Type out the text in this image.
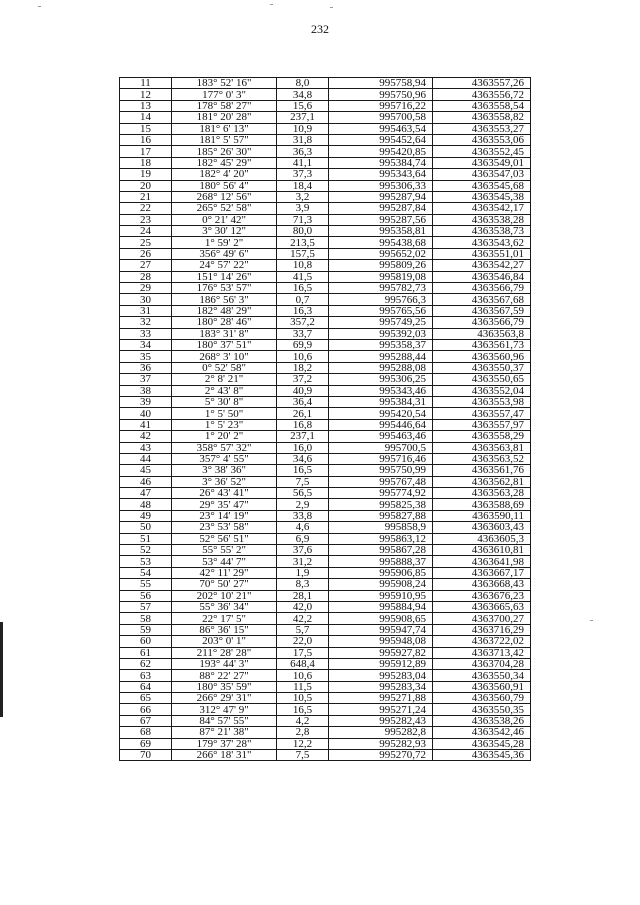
232
11	183° 52' 16"	8,0	995758,94	4363557,26
12	177° 0' 3"	34,8	995750,96	4363556,72
13	178° 58' 27"	15,6	995716,22	4363558,54
14	181° 20' 28"	237,1	995700,58	4363558,82
15	181° 6' 13"	10,9	995463,54	4363553,27
16	181° 5' 57"	31,8	995452,64	4363553,06
17	185° 26' 30"	36,3	995420,85	4363552,45
18	182° 45' 29"	41,1	995384,74	4363549,01
19	182° 4' 20"	37,3	995343,64	4363547,03
20	180° 56' 4"	18,4	995306,33	4363545,68
21	268° 12' 56"	3,2	995287,94	4363545,38
22	265° 52' 58"	3,9	995287,84	4363542,17
23	0° 21' 42"	71,3	995287,56	4363538,28
24	3° 30' 12"	80,0	995358,81	4363538,73
25	1° 59' 2"	213,5	995438,68	4363543,62
26	356° 49' 6"	157,5	995652,02	4363551,01
27	24° 57' 22"	10,8	995809,26	4363542,27
28	151° 14' 26"	41,5	995819,08	4363546,84
29	176° 53' 57"	16,5	995782,73	4363566,79
30	186° 56' 3"	0,7	995766,3	4363567,68
31	182° 48' 29"	16,3	995765,56	4363567,59
32	180° 28' 46"	357,2	995749,25	4363566,79
33	183° 31' 8"	33,7	995392,03	4363563,8
34	180° 37' 51"	69,9	995358,37	4363561,73
35	268° 3' 10"	10,6	995288,44	4363560,96
36	0° 52' 58"	18,2	995288,08	4363550,37
37	2° 8' 21"	37,2	995306,25	4363550,65
38	2° 43' 8"	40,9	995343,46	4363552,04
39	5° 30' 8"	36,4	995384,31	4363553,98
40	1° 5' 50"	26,1	995420,54	4363557,47
41	1° 5' 23"	16,8	995446,64	4363557,97
42	1° 20' 2"	237,1	995463,46	4363558,29
43	358° 57' 32"	16,0	995700,5	4363563,81
44	357° 4' 55"	34,6	995716,46	4363563,52
45	3° 38' 36"	16,5	995750,99	4363561,76
46	3° 36' 52"	7,5	995767,48	4363562,81
47	26° 43' 41"	56,5	995774,92	4363563,28
48	29° 35' 47"	2,9	995825,38	4363588,69
49	23° 14' 19"	33,8	995827,88	4363590,11
50	23° 53' 58"	4,6	995858,9	4363603,43
51	52° 56' 51"	6,9	995863,12	4363605,3
52	55° 55' 2"	37,6	995867,28	4363610,81
53	53° 44' 7"	31,2	995888,37	4363641,98
54	42° 11' 29"	1,9	995906,85	4363667,17
55	70° 50' 27"	8,3	995908,24	4363668,43
56	202° 10' 21"	28,1	995910,95	4363676,23
57	55° 36' 34"	42,0	995884,94	4363665,63
58	22° 17' 5"	42,2	995908,65	4363700,27
59	86° 36' 15"	5,7	995947,74	4363716,29
60	203° 0' 1"	22,0	995948,08	4363722,02
61	211° 28' 28"	17,5	995927,82	4363713,42
62	193° 44' 3"	648,4	995912,89	4363704,28
63	88° 22' 27"	10,6	995283,04	4363550,34
64	180° 35' 59"	11,5	995283,34	4363560,91
65	266° 29' 31"	10,5	995271,88	4363560,79
66	312° 47' 9"	16,5	995271,24	4363550,35
67	84° 57' 55"	4,2	995282,43	4363538,26
68	87° 21' 38"	2,8	995282,8	4363542,46
69	179° 37' 28"	12,2	995282,93	4363545,28
70	266° 18' 31"	7,5	995270,72	4363545,36
